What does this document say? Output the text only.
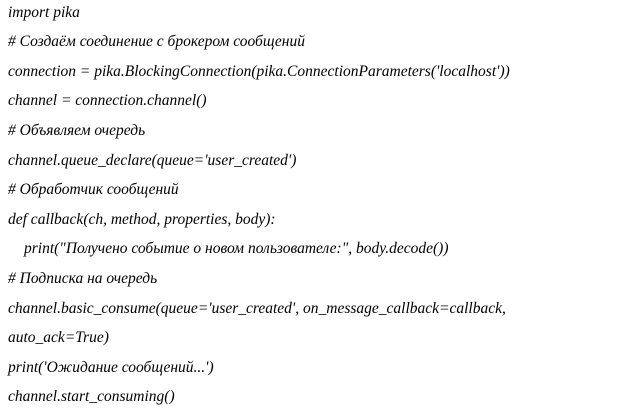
import pika
# Создаём соединение с брокером сообщений
connection = pika.BlockingConnection(pika.ConnectionParameters('localhost'))
channel = connection.channel()
# Объявляем очередь
channel.queue_declare(queue='user_created')
# Обработчик сообщений
def callback(ch, method, properties, body):
print("Получено событие о новом пользователе:", body.decode())
# Подписка на очередь
channel.basic_consume(queue='user_created', on_message_callback=callback,
auto_ack=True)
print('Ожидание сообщений...')
channel.start_consuming()
